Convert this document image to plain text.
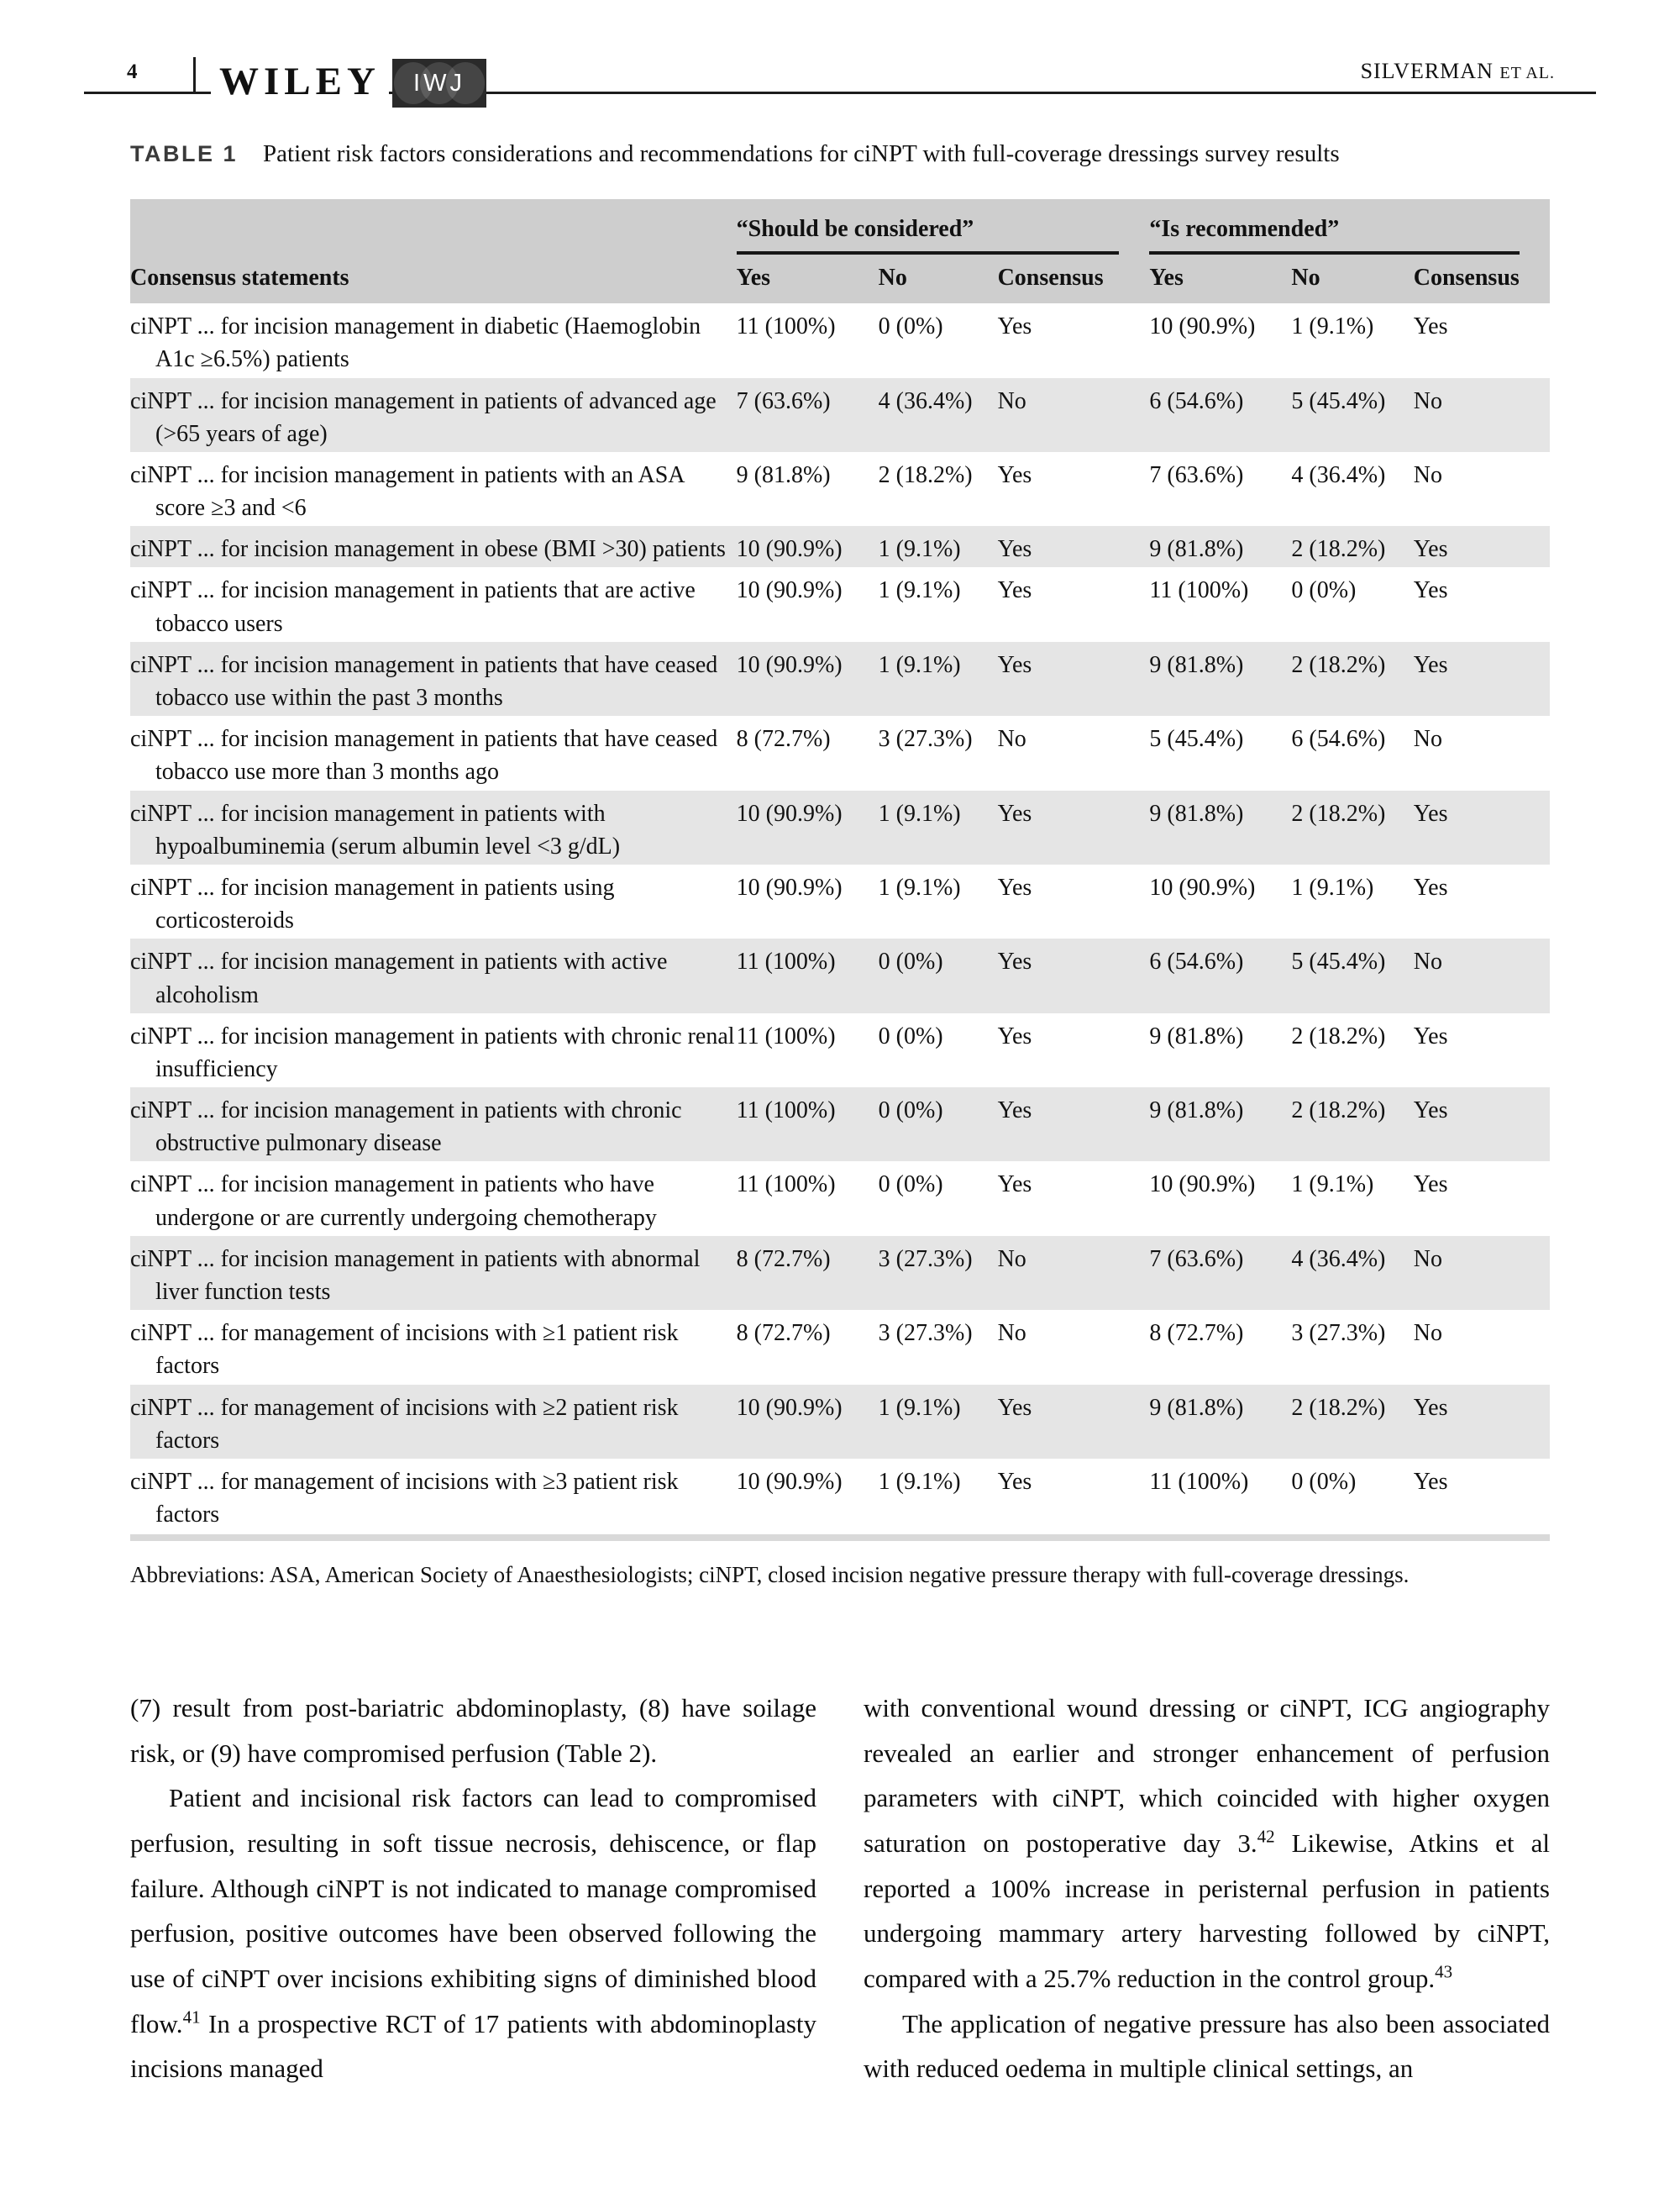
4 WILEY	IWJ	SILVERMAN ET AL.
TABLE 1 Patient risk factors considerations and recommendations for ciNPT with full-coverage dressings survey results

	“Should be considered”			“Is recommended”		

Consensus statements	Yes	No	Consensus	Yes	No	Consensus

ciNPT ... for incision management in diabetic (Haemoglobin A1c ≥6.5%) patients	11 (100%)	0 (0%)	Yes	10 (90.9%)	1 (9.1%)	Yes

ciNPT ... for incision management in patients of advanced age (>65 years of age)	7 (63.6%)	4 (36.4%)	No	6 (54.6%)	5 (45.4%)	No

ciNPT ... for incision management in patients with an ASA score ≥3 and <6	9 (81.8%)	2 (18.2%)	Yes	7 (63.6%)	4 (36.4%)	No

ciNPT ... for incision management in obese (BMI >30) patients	10 (90.9%)	1 (9.1%)	Yes	9 (81.8%)	2 (18.2%)	Yes

ciNPT ... for incision management in patients that are active tobacco users	10 (90.9%)	1 (9.1%)	Yes	11 (100%)	0 (0%)	Yes

ciNPT ... for incision management in patients that have ceased tobacco use within the past 3 months	10 (90.9%)	1 (9.1%)	Yes	9 (81.8%)	2 (18.2%)	Yes

ciNPT ... for incision management in patients that have ceased tobacco use more than 3 months ago	8 (72.7%)	3 (27.3%)	No	5 (45.4%)	6 (54.6%)	No

ciNPT ... for incision management in patients with hypoalbuminemia (serum albumin level <3 g/dL)	10 (90.9%)	1 (9.1%)	Yes	9 (81.8%)	2 (18.2%)	Yes

ciNPT ... for incision management in patients using corticosteroids	10 (90.9%)	1 (9.1%)	Yes	10 (90.9%)	1 (9.1%)	Yes

ciNPT ... for incision management in patients with active alcoholism	11 (100%)	0 (0%)	Yes	6 (54.6%)	5 (45.4%)	No

ciNPT ... for incision management in patients with chronic renal insufficiency	11 (100%)	0 (0%)	Yes	9 (81.8%)	2 (18.2%)	Yes

ciNPT ... for incision management in patients with chronic obstructive pulmonary disease	11 (100%)	0 (0%)	Yes	9 (81.8%)	2 (18.2%)	Yes

ciNPT ... for incision management in patients who have undergone or are currently undergoing chemotherapy	11 (100%)	0 (0%)	Yes	10 (90.9%)	1 (9.1%)	Yes

ciNPT ... for incision management in patients with abnormal liver function tests	8 (72.7%)	3 (27.3%)	No	7 (63.6%)	4 (36.4%)	No

ciNPT ... for management of incisions with ≥1 patient risk factors	8 (72.7%)	3 (27.3%)	No	8 (72.7%)	3 (27.3%)	No

ciNPT ... for management of incisions with ≥2 patient risk factors	10 (90.9%)	1 (9.1%)	Yes	9 (81.8%)	2 (18.2%)	Yes

ciNPT ... for management of incisions with ≥3 patient risk factors	10 (90.9%)	1 (9.1%)	Yes	11 (100%)	0 (0%)	Yes

Abbreviations: ASA, American Society of Anaesthesiologists; ciNPT, closed incision negative pressure therapy with full-coverage dressings.

(7) result from post-bariatric abdominoplasty, (8) have soilage risk, or (9) have compromised perfusion (Table 2).

Patient and incisional risk factors can lead to compromised perfusion, resulting in soft tissue necrosis, dehiscence, or flap failure. Although ciNPT is not indicated to manage compromised perfusion, positive outcomes have been observed following the use of ciNPT over incisions exhibiting signs of diminished blood flow.$^{41}$ In a prospective RCT of 17 patients with abdominoplasty incisions managed

with conventional wound dressing or ciNPT, ICG angiography revealed an earlier and stronger enhancement of perfusion parameters with ciNPT, which coincided with higher oxygen saturation on postoperative day 3.42 Likewise, Atkins et al reported a 100% increase in peristernal perfusion in patients undergoing mammary artery harvesting followed by ciNPT, compared with a 25.7% reduction in the control group.$^{43}$

The application of negative pressure has also been associated with reduced oedema in multiple clinical settings, an
